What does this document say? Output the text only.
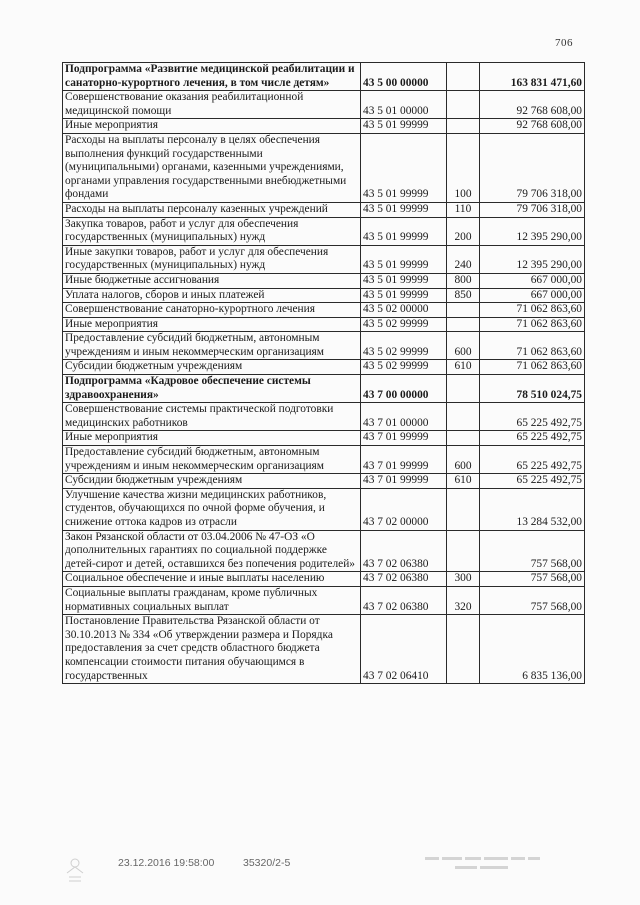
706
Подпрограмма «Развитие медицинской реабилитации и санаторно-курортного лечения, в том числе детям»	43 5 00 00000		163 831 471,60
Совершенствование оказания реабилитационной медицинской помощи	43 5 01 00000		92 768 608,00
Иные мероприятия	43 5 01 99999		92 768 608,00
Расходы на выплаты персоналу в целях обеспечения выполнения функций государственными (муниципальными) органами, казенными учреждениями, органами управления государственными внебюджетными фондами	43 5 01 99999	100	79 706 318,00
Расходы на выплаты персоналу казенных учреждений	43 5 01 99999	110	79 706 318,00
Закупка товаров, работ и услуг для обеспечения государственных (муниципальных) нужд	43 5 01 99999	200	12 395 290,00
Иные закупки товаров, работ и услуг для обеспечения государственных (муниципальных) нужд	43 5 01 99999	240	12 395 290,00
Иные бюджетные ассигнования	43 5 01 99999	800	667 000,00
Уплата налогов, сборов и иных платежей	43 5 01 99999	850	667 000,00
Совершенствование санаторно-курортного лечения	43 5 02 00000		71 062 863,60
Иные мероприятия	43 5 02 99999		71 062 863,60
Предоставление субсидий бюджетным, автономным учреждениям и иным некоммерческим организациям	43 5 02 99999	600	71 062 863,60
Субсидии бюджетным учреждениям	43 5 02 99999	610	71 062 863,60
Подпрограмма «Кадровое обеспечение системы здравоохранения»	43 7 00 00000		78 510 024,75
Совершенствование системы практической подготовки медицинских работников	43 7 01 00000		65 225 492,75
Иные мероприятия	43 7 01 99999		65 225 492,75
Предоставление субсидий бюджетным, автономным учреждениям и иным некоммерческим организациям	43 7 01 99999	600	65 225 492,75
Субсидии бюджетным учреждениям	43 7 01 99999	610	65 225 492,75
Улучшение качества жизни медицинских работников, студентов, обучающихся по очной форме обучения, и снижение оттока кадров из отрасли	43 7 02 00000		13 284 532,00
Закон Рязанской области от 03.04.2006 № 47-ОЗ «О дополнительных гарантиях по социальной поддержке детей-сирот и детей, оставшихся без попечения родителей»	43 7 02 06380		757 568,00
Социальное обеспечение и иные выплаты населению	43 7 02 06380	300	757 568,00
Социальные выплаты гражданам, кроме публичных нормативных социальных выплат	43 7 02 06380	320	757 568,00
Постановление Правительства Рязанской области от 30.10.2013 № 334 «Об утверждении размера и Порядка предоставления за счет средств областного бюджета компенсации стоимости питания обучающимся в государственных	43 7 02 06410		6 835 136,00
23.12.2016 19:58:00	35320/2-5
